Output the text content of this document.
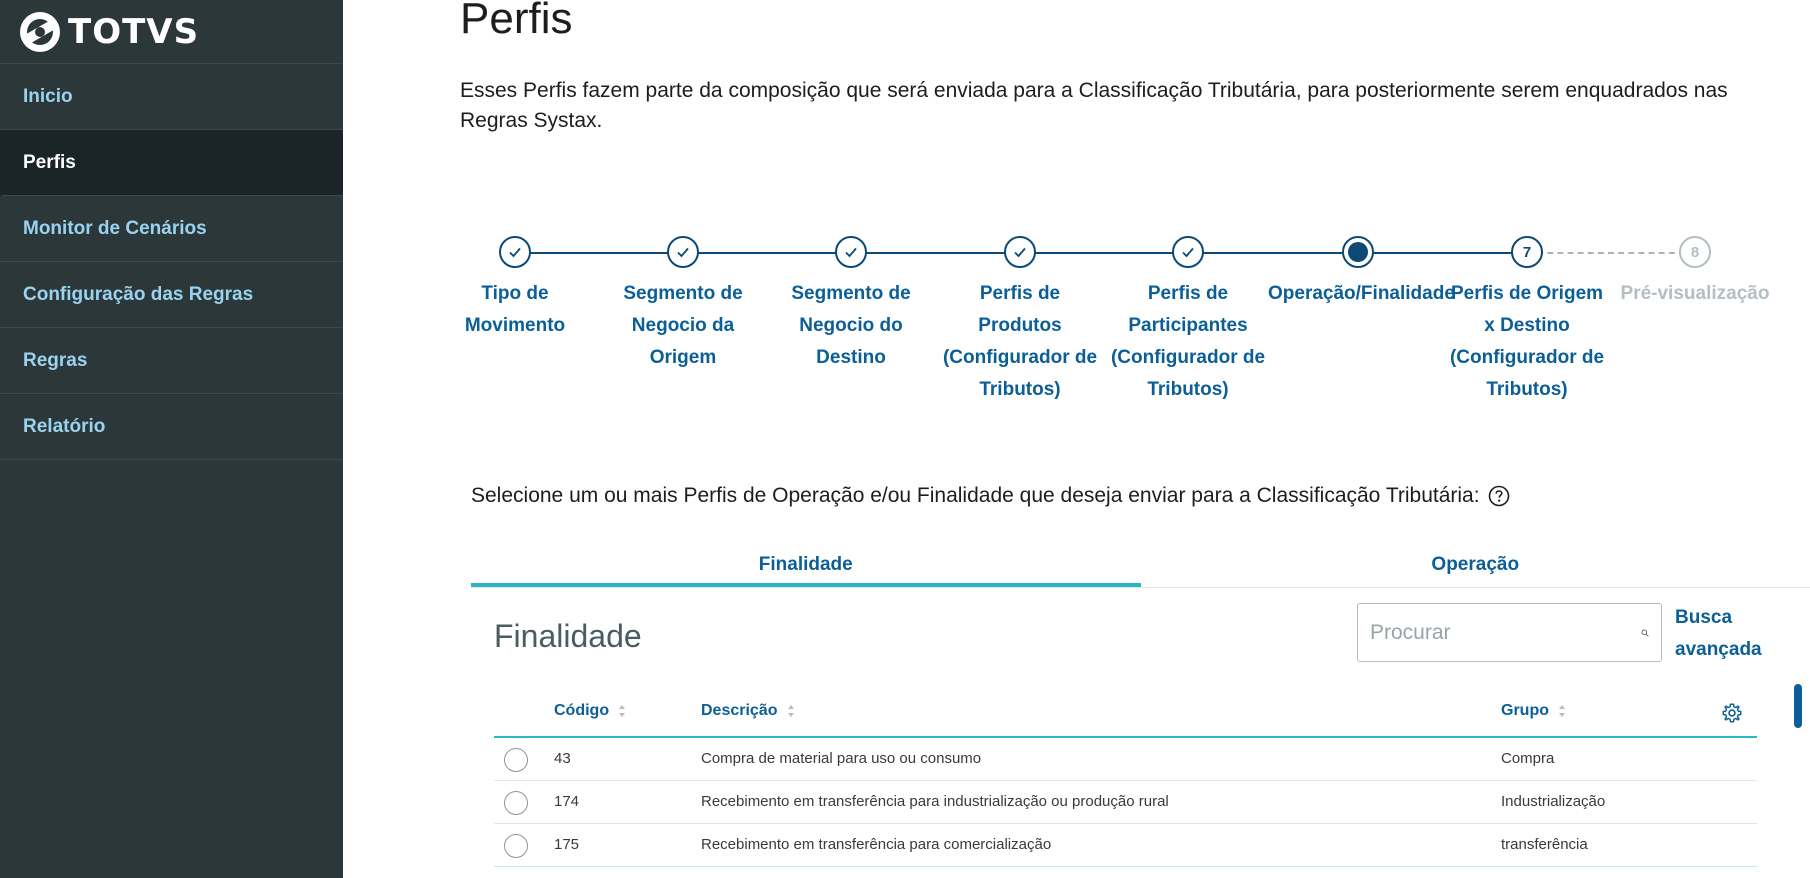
TOTVS
Inicio
Perfis
Monitor de Cenários
Configuração das Regras
Regras
Relatório
Perfis

Esses Perfis fazem parte da composição que será enviada para a Classificação Tributária, para posteriormente serem enquadrados nas Regras Systax.

Tipo de Movimento
Segmento de Negocio da Origem
Segmento de Negocio do Destino
Perfis de Produtos (Configurador de Tributos)
Perfis de Participantes (Configurador de Tributos)
Operação/Finalidade
7
Perfis de Origem x Destino (Configurador de Tributos)
8
Pré-visualização
Selecione um ou mais Perfis de Operação e/ou Finalidade que deseja enviar para a Classificação Tributária:
Finalidade	Operação
Finalidade
Procurar
Busca
avançada
Código	Descrição	Grupo
43	Compra de material para uso ou consumo	Compra
174	Recebimento em transferência para industrialização ou produção rural	Industrialização
175	Recebimento em transferência para comercialização	transferência
